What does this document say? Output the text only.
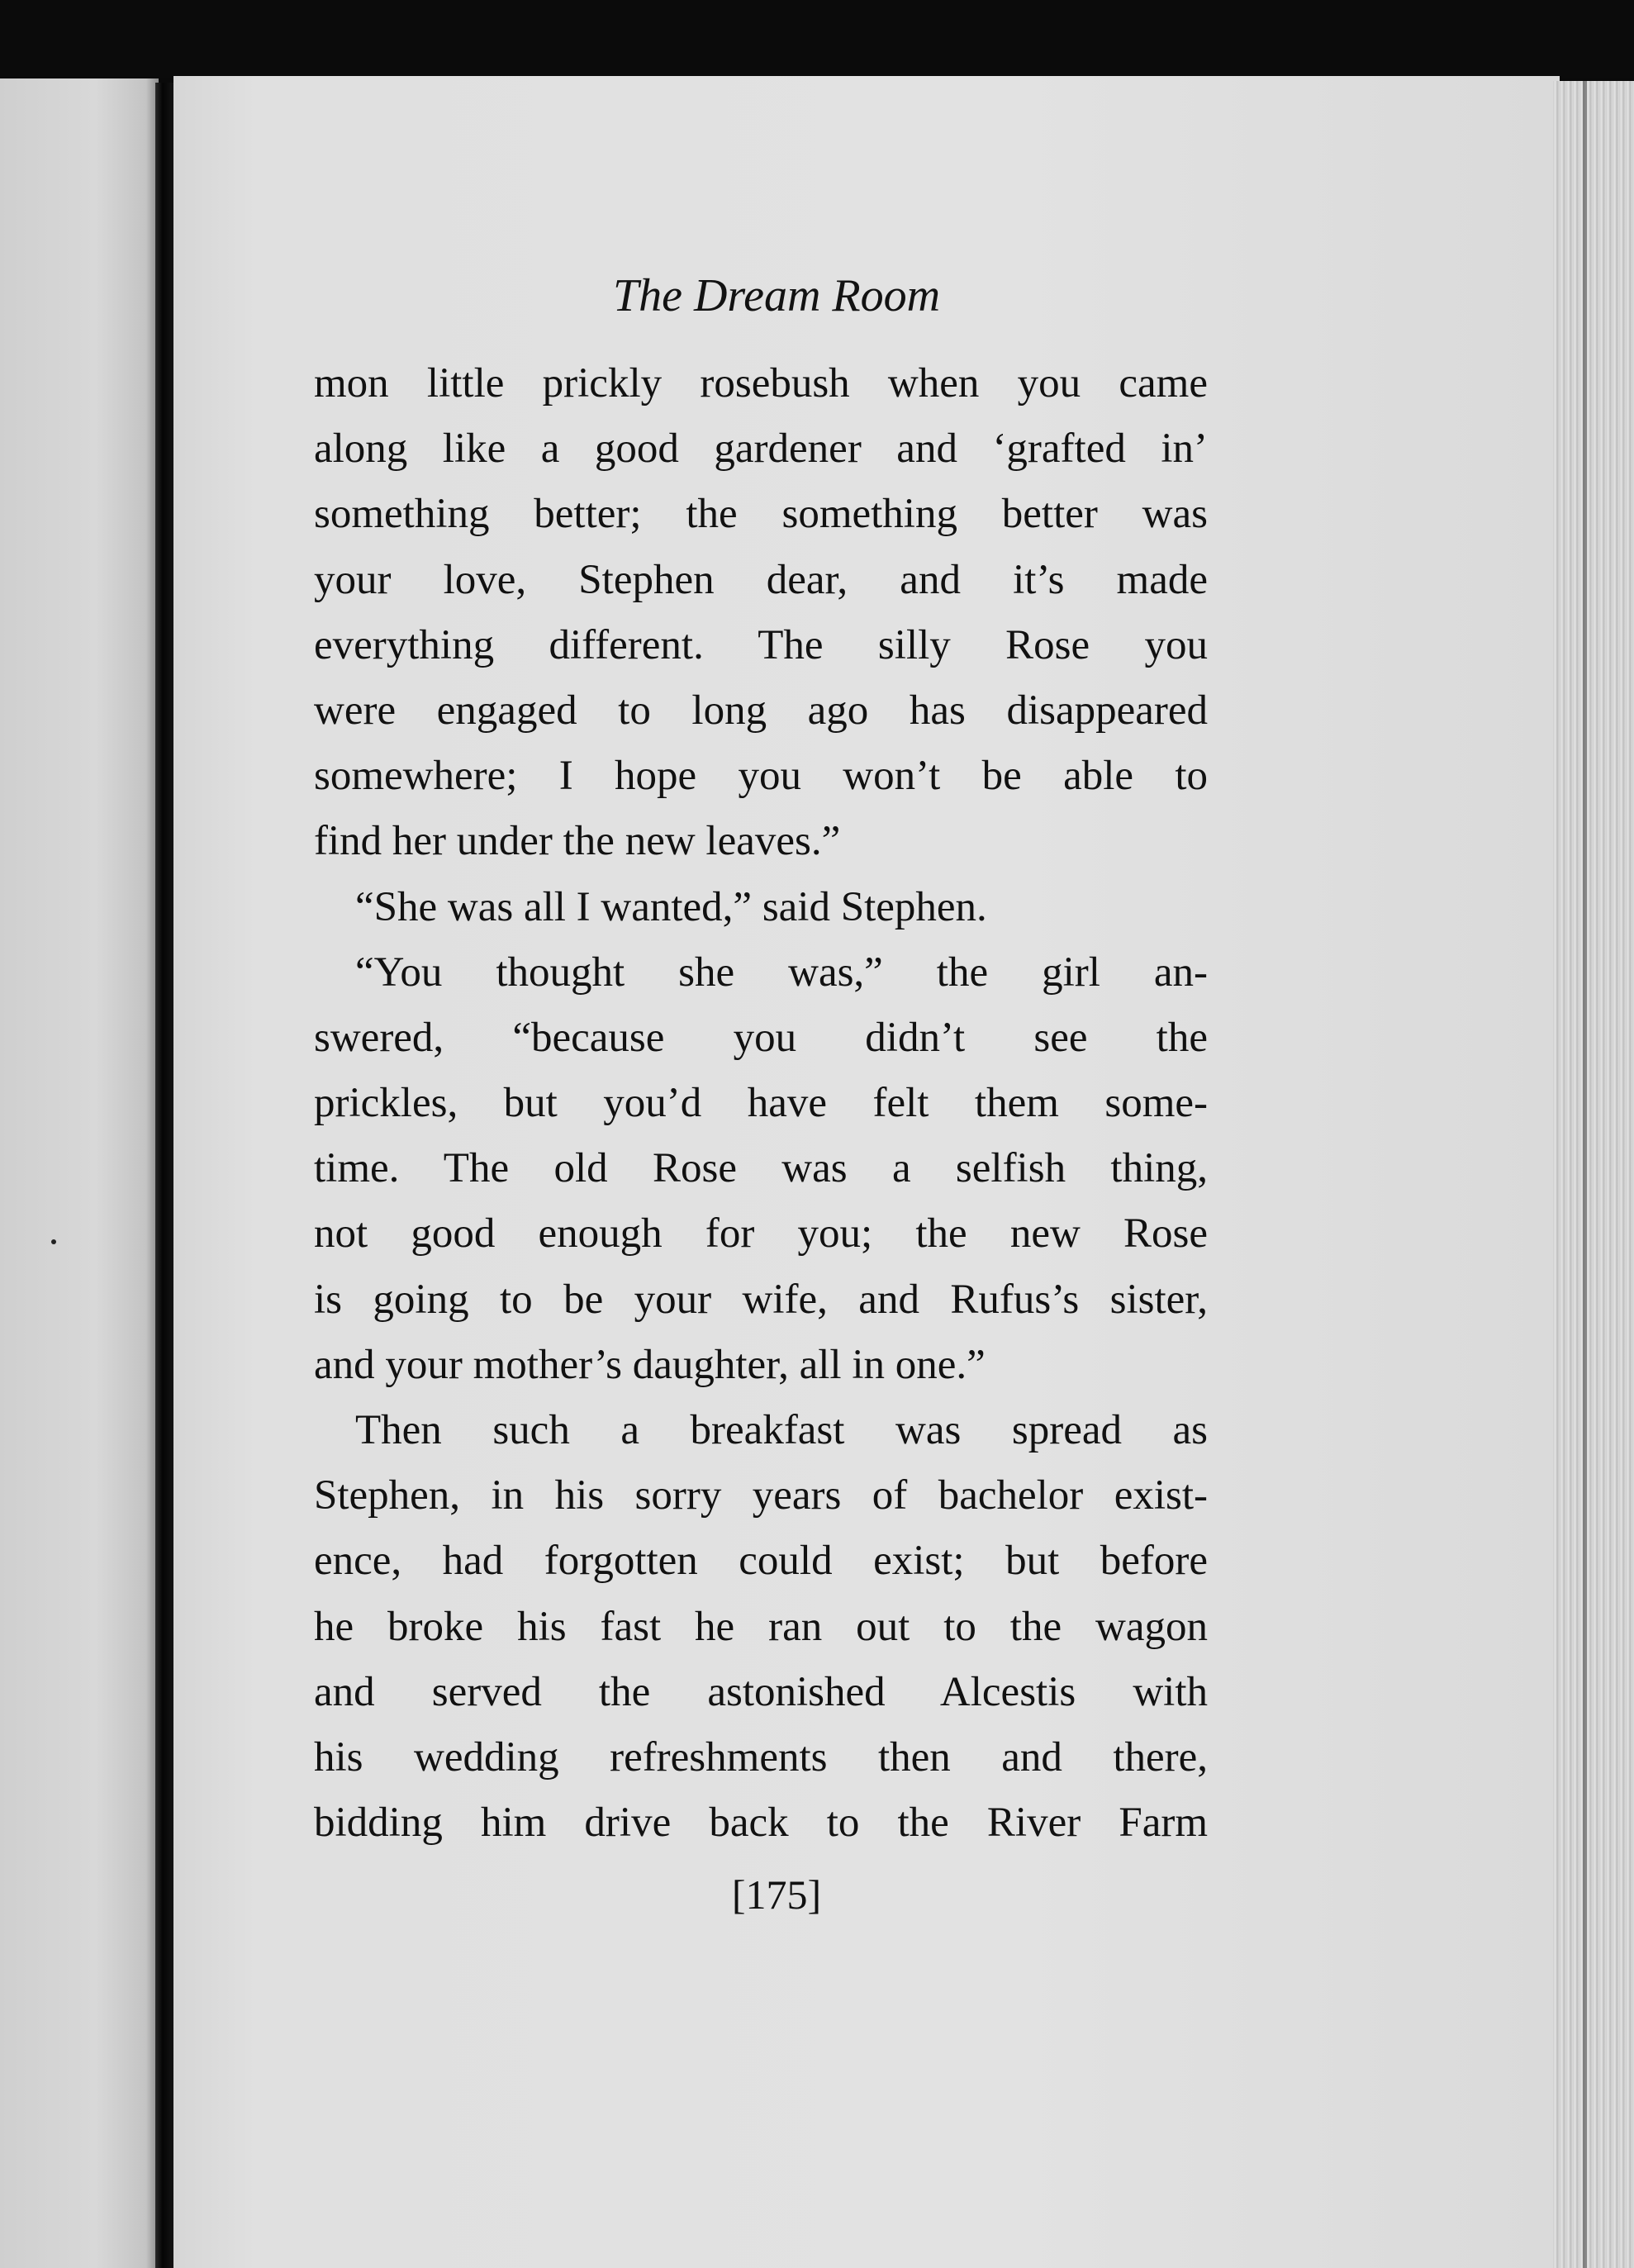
The Dream Room
mon little prickly rosebush when you came
along like a good gardener and ‘grafted in’
something better; the something better was
your love, Stephen dear, and it’s made
everything different. The silly Rose you
were engaged to long ago has disappeared
somewhere; I hope you won’t be able to
find her under the new leaves.”
“She was all I wanted,” said Stephen.
“You thought she was,” the girl an-
swered, “because you didn’t see the
prickles, but you’d have felt them some-
time. The old Rose was a selfish thing,
not good enough for you; the new Rose
is going to be your wife, and Rufus’s sister,
and your mother’s daughter, all in one.”
Then such a breakfast was spread as
Stephen, in his sorry years of bachelor exist-
ence, had forgotten could exist; but before
he broke his fast he ran out to the wagon
and served the astonished Alcestis with
his wedding refreshments then and there,
bidding him drive back to the River Farm
[175]
